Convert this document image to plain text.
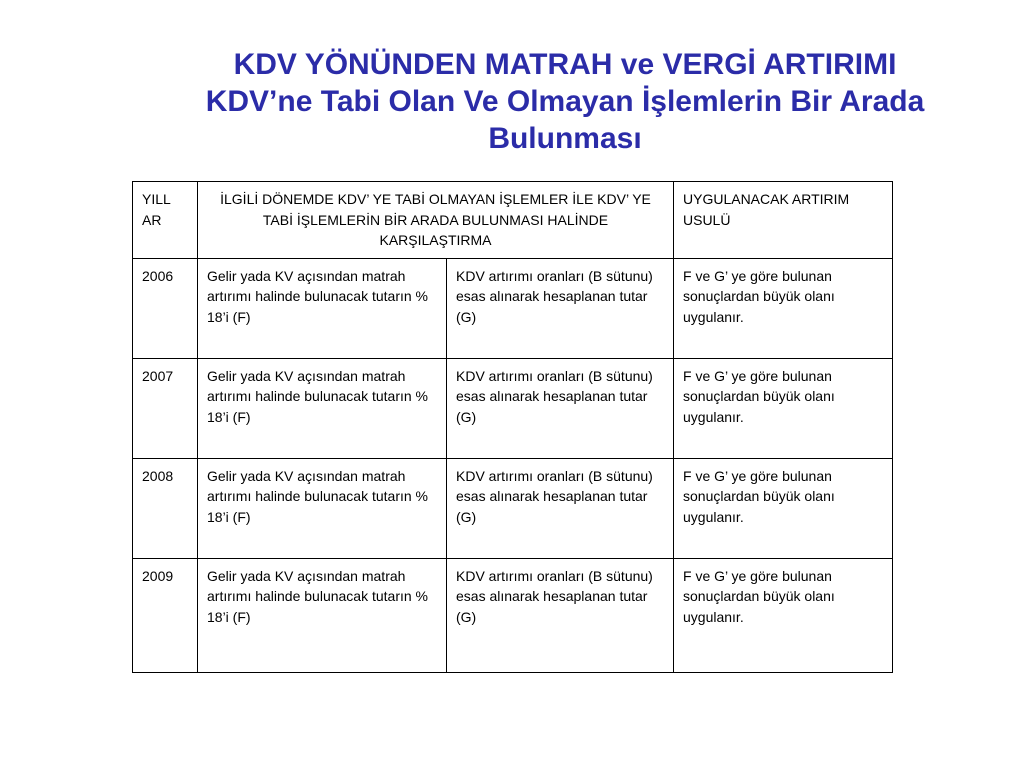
KDV YÖNÜNDEN MATRAH ve VERGİ ARTIRIMI
KDV’ne Tabi Olan Ve Olmayan İşlemlerin Bir Arada
Bulunması
YILL AR	İLGİLİ DÖNEMDE KDV’ YE TABİ OLMAYAN İŞLEMLER İLE KDV’ YE TABİ İŞLEMLERİN BİR ARADA BULUNMASI HALİNDE KARŞILAŞTIRMA		UYGULANACAK ARTIRIM USULÜ
2006	Gelir yada KV açısından matrah artırımı halinde bulunacak tutarın % 18’i (F)	KDV artırımı oranları (B sütunu) esas alınarak hesaplanan tutar (G)	F ve G’ ye göre bulunan sonuçlardan büyük olanı uygulanır.
2007	Gelir yada KV açısından matrah artırımı halinde bulunacak tutarın % 18’i (F)	KDV artırımı oranları (B sütunu) esas alınarak hesaplanan tutar (G)	F ve G’ ye göre bulunan sonuçlardan büyük olanı uygulanır.
2008	Gelir yada KV açısından matrah artırımı halinde bulunacak tutarın % 18’i (F)	KDV artırımı oranları (B sütunu) esas alınarak hesaplanan tutar (G)	F ve G’ ye göre bulunan sonuçlardan büyük olanı uygulanır.
2009	Gelir yada KV açısından matrah artırımı halinde bulunacak tutarın % 18’i (F)	KDV artırımı oranları (B sütunu) esas alınarak hesaplanan tutar (G)	F ve G’ ye göre bulunan sonuçlardan büyük olanı uygulanır.
